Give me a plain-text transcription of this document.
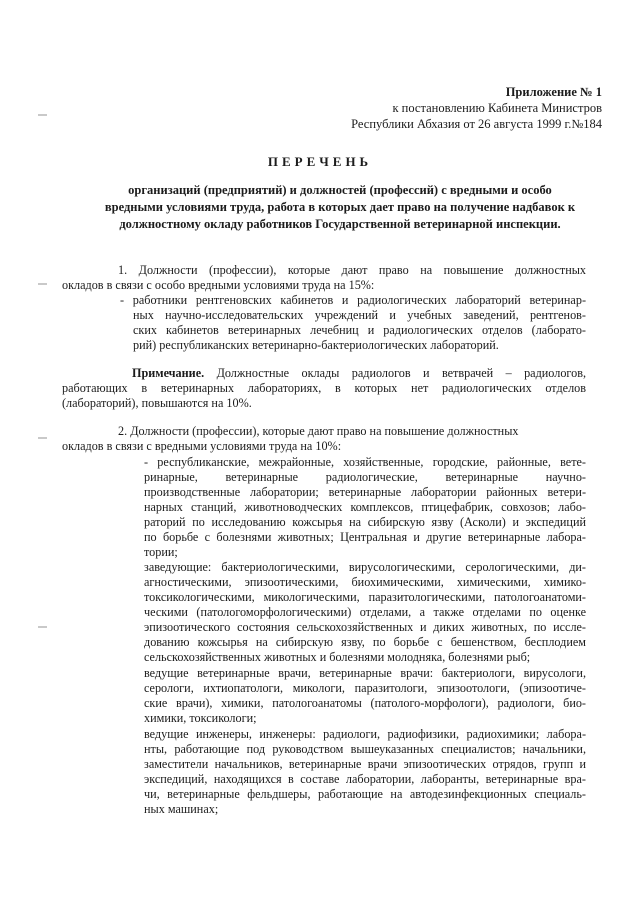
Приложение № 1
к постановлению Кабинета Министров
Республики Абхазия от 26 августа 1999 г.№184
ПЕРЕЧЕНЬ
организаций (предприятий) и должностей (профессий) с вредными и особо вредными условиями труда, работа в которых дает право на получение надбавок к должностному окладу работников Государственной ветеринарной инспекции.
1. Должности (профессии), которые дают право на повышение должностных
окладов в связи с особо вредными условиями труда на 15%:
- работники рентгеновских кабинетов и радиологических лабораторий ветеринар-
ных научно-исследовательских учреждений и учебных заведений, рентгенов-
ских кабинетов ветеринарных лечебниц и радиологических отделов (лаборато-
рий) республиканских ветеринарно-бактериологических лабораторий.
Примечание. Должностные оклады радиологов и ветврачей – радиологов,
работающих в ветеринарных лабораториях, в которых нет радиологических отделов
(лабораторий), повышаются на 10%.
2. Должности (профессии), которые дают право на повышение должностных
окладов в связи с вредными условиями труда на 10%:
- республиканские, межрайонные, хозяйственные, городские, районные, вете-
ринарные, ветеринарные радиологические, ветеринарные научно-
производственные лаборатории; ветеринарные лаборатории районных ветери-
нарных станций, животноводческих комплексов, птицефабрик, совхозов; лабо-
раторий по исследованию кожсырья на сибирскую язву (Асколи) и экспедиций
по борьбе с болезнями животных; Центральная и другие ветеринарные лабора-
тории;
заведующие: бактериологическими, вирусологическими, серологическими, ди-
агностическими, эпизоотическими, биохимическими, химическими, химико-
токсикологическими, микологическими, паразитологическими, патологоанатоми-
ческими (патологоморфологическими) отделами, а также отделами по оценке
эпизоотического состояния сельскохозяйственных и диких животных, по иссле-
дованию кожсырья на сибирскую язву, по борьбе с бешенством, бесплодием
сельскохозяйственных животных и болезнями молодняка, болезнями рыб;
ведущие ветеринарные врачи, ветеринарные врачи: бактериологи, вирусологи,
серологи, ихтиопатологи, микологи, паразитологи, эпизоотологи, (эпизоотиче-
ские врачи), химики, патологоанатомы (патолого-морфологи), радиологи, био-
химики, токсикологи;
ведущие инженеры, инженеры: радиологи, радиофизики, радиохимики; лабора-
нты, работающие под руководством вышеуказанных специалистов; начальники,
заместители начальников, ветеринарные врачи эпизоотических отрядов, групп и
экспедиций, находящихся в составе лаборатории, лаборанты, ветеринарные вра-
чи, ветеринарные фельдшеры, работающие на автодезинфекционных специаль-
ных машинах;
